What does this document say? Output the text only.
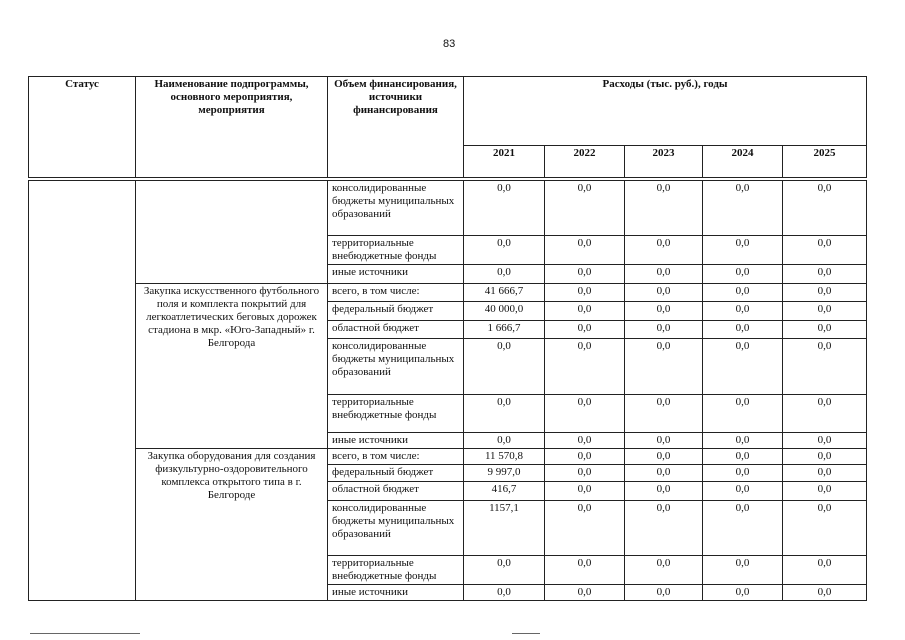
83
Статус	Наименование подпрограммы, основного мероприятия, мероприятия	Объем финансирования, источники финансирования	Расходы (тыс. руб.), годы				
			2021	2022	2023	2024	2025

		консолидированные бюджеты муниципальных образований	0,0	0,0	0,0	0,0	0,0
		территориальные внебюджетные фонды	0,0	0,0	0,0	0,0	0,0
		иные источники	0,0	0,0	0,0	0,0	0,0
	Закупка искусственного футбольного поля и комплекта покрытий для легкоатлетических беговых дорожек стадиона в мкр. «Юго-Западный» г. Белгорода	всего, в том числе:	41 666,7	0,0	0,0	0,0	0,0
		федеральный бюджет	40 000,0	0,0	0,0	0,0	0,0
		областной бюджет	1 666,7	0,0	0,0	0,0	0,0
		консолидированные бюджеты муниципальных образований	0,0	0,0	0,0	0,0	0,0
		территориальные внебюджетные фонды	0,0	0,0	0,0	0,0	0,0
		иные источники	0,0	0,0	0,0	0,0	0,0
	Закупка оборудования для создания физкультурно-оздоровительного комплекса открытого типа в г. Белгороде	всего, в том числе:	11 570,8	0,0	0,0	0,0	0,0
		федеральный бюджет	9 997,0	0,0	0,0	0,0	0,0
		областной бюджет	416,7	0,0	0,0	0,0	0,0
		консолидированные бюджеты муниципальных образований	1157,1	0,0	0,0	0,0	0,0
		территориальные внебюджетные фонды	0,0	0,0	0,0	0,0	0,0
		иные источники	0,0	0,0	0,0	0,0	0,0
